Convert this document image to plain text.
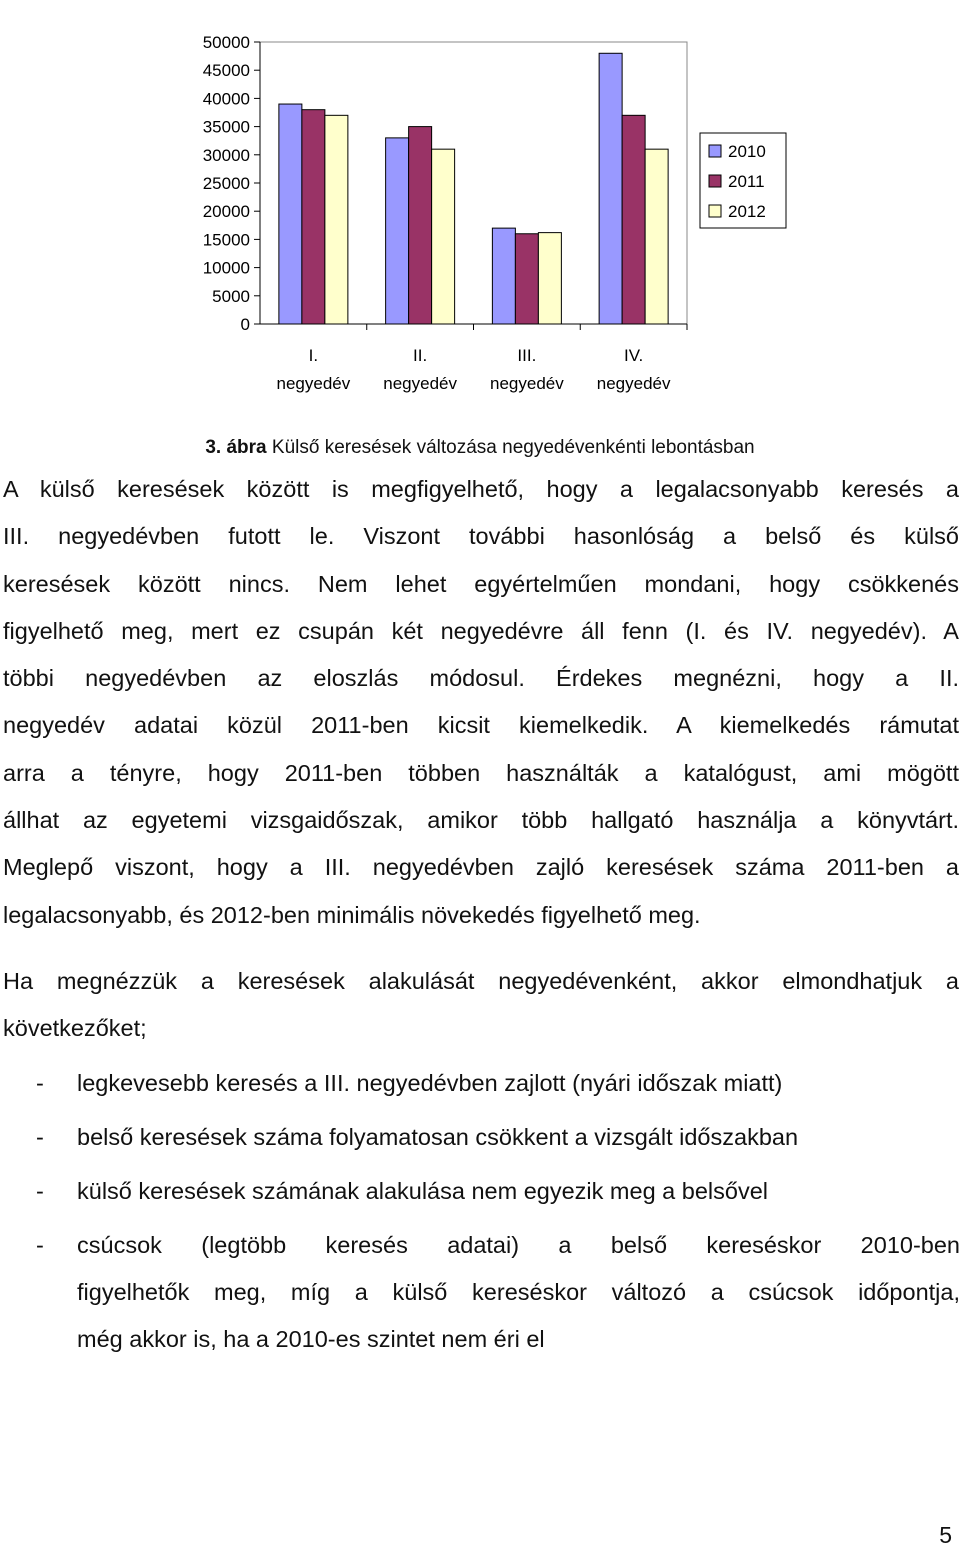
50000
45000
40000
35000
30000
25000
20000
15000
10000
5000
0
I.
negyedév
II.
negyedév
III.
negyedév
IV.
negyedév
2010
2011
2012
3. ábra Külső keresések változása negyedévenkénti lebontásban
A külső keresések között is megfigyelhető, hogy a legalacsonyabb keresés a
III. negyedévben futott le. Viszont további hasonlóság a belső és külső
keresések között nincs. Nem lehet egyértelműen mondani, hogy csökkenés
figyelhető meg, mert ez csupán két negyedévre áll fenn (I. és IV. negyedév). A
többi negyedévben az eloszlás módosul. Érdekes megnézni, hogy a II.
negyedév adatai közül 2011-ben kicsit kiemelkedik. A kiemelkedés rámutat
arra a tényre, hogy 2011-ben többen használták a katalógust, ami mögött
állhat az egyetemi vizsgaidőszak, amikor több hallgató használja a könyvtárt.
Meglepő viszont, hogy a III. negyedévben zajló keresések száma 2011-ben a
legalacsonyabb, és 2012-ben minimális növekedés figyelhető meg.
Ha megnézzük a keresések alakulását negyedévenként, akkor elmondhatjuk a
következőket;
- legkevesebb keresés a III. negyedévben zajlott (nyári időszak miatt)
- belső keresések száma folyamatosan csökkent a vizsgált időszakban
- külső keresések számának alakulása nem egyezik meg a belsővel
- csúcsok (legtöbb keresés adatai) a belső kereséskor 2010-ben
figyelhetők meg, míg a külső kereséskor változó a csúcsok időpontja,
még akkor is, ha a 2010-es szintet nem éri el
5
